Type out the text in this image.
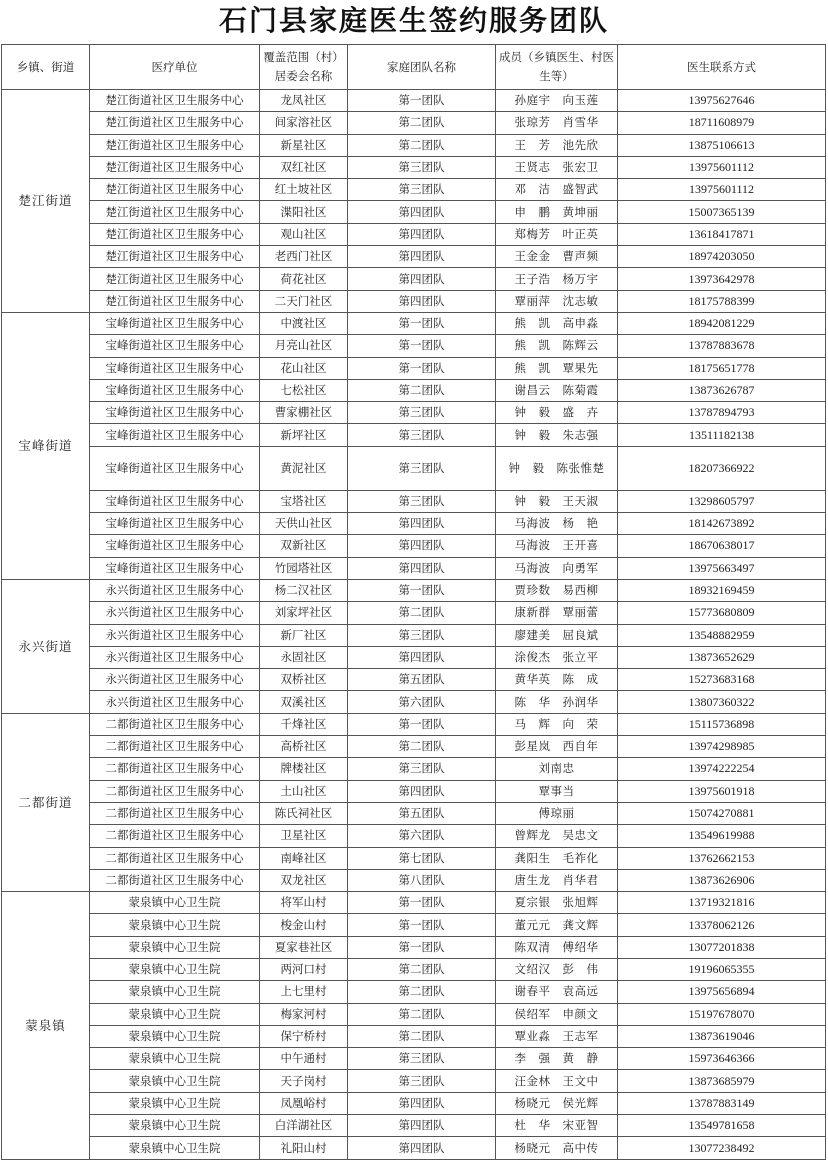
石门县家庭医生签约服务团队
乡镇、街道	医疗单位	覆盖范围（村）居委会名称	家庭团队名称	成员（乡镇医生、村医生等）	医生联系方式
楚江街道	楚江街道社区卫生服务中心	龙凤社区	第一团队	孙庭宇　向玉莲	13975627646
	楚江街道社区卫生服务中心	间家溶社区	第二团队	张琼芳　肖雪华	18711608979
	楚江街道社区卫生服务中心	新星社区	第二团队	王　芳　池先欣	13875106613
	楚江街道社区卫生服务中心	双红社区	第三团队	王贤志　张宏卫	13975601112
	楚江街道社区卫生服务中心	红土坡社区	第三团队	邓　洁　盛智武	13975601112
	楚江街道社区卫生服务中心	渫阳社区	第四团队	申　鹏　黄坤丽	15007365139
	楚江街道社区卫生服务中心	观山社区	第四团队	郑梅芳　叶正英	13618417871
	楚江街道社区卫生服务中心	老西门社区	第四团队	王金金　曹声频	18974203050
	楚江街道社区卫生服务中心	荷花社区	第四团队	王子浩　杨万宇	13973642978
	楚江街道社区卫生服务中心	二天门社区	第四团队	覃丽萍　沈志敏	18175788399
宝峰街道	宝峰街道社区卫生服务中心	中渡社区	第一团队	熊　凯　高申淼	18942081229
	宝峰街道社区卫生服务中心	月亮山社区	第一团队	熊　凯　陈辉云	13787883678
	宝峰街道社区卫生服务中心	花山社区	第一团队	熊　凯　覃果先	18175651778
	宝峰街道社区卫生服务中心	七松社区	第二团队	谢昌云　陈菊霞	13873626787
	宝峰街道社区卫生服务中心	曹家棚社区	第三团队	钟　毅　盛　卉	13787894793
	宝峰街道社区卫生服务中心	新坪社区	第三团队	钟　毅　朱志强	13511182138
	宝峰街道社区卫生服务中心	黄泥社区	第三团队	钟　毅　陈张惟楚	18207366922
	宝峰街道社区卫生服务中心	宝塔社区	第三团队	钟　毅　王天淑	13298605797
	宝峰街道社区卫生服务中心	天供山社区	第四团队	马海波　杨　艳	18142673892
	宝峰街道社区卫生服务中心	双新社区	第四团队	马海波　王开喜	18670638017
	宝峰街道社区卫生服务中心	竹园塔社区	第四团队	马海波　向勇军	13975663497
永兴街道	永兴街道社区卫生服务中心	杨二汉社区	第一团队	贾珍数　易西柳	18932169459
	永兴街道社区卫生服务中心	刘家坪社区	第二团队	康新群　覃丽蕾	15773680809
	永兴街道社区卫生服务中心	新厂社区	第三团队	廖建美　屈良斌	13548882959
	永兴街道社区卫生服务中心	永固社区	第四团队	涂俊杰　张立平	13873652629
	永兴街道社区卫生服务中心	双桥社区	第五团队	黄华英　陈　成	15273683168
	永兴街道社区卫生服务中心	双溪社区	第六团队	陈　华　孙润华	13807360322
二都街道	二都街道社区卫生服务中心	千烽社区	第一团队	马　辉　向　荣	15115736898
	二都街道社区卫生服务中心	高桥社区	第二团队	彭星岚　西自年	13974298985
	二都街道社区卫生服务中心	牌楼社区	第三团队	刘南忠	13974222254
	二都街道社区卫生服务中心	土山社区	第四团队	覃事当	13975601918
	二都街道社区卫生服务中心	陈氏祠社区	第五团队	傅琼丽	15074270881
	二都街道社区卫生服务中心	卫星社区	第六团队	曾辉龙　吴忠文	13549619988
	二都街道社区卫生服务中心	南峰社区	第七团队	龚阳生　毛祚化	13762662153
	二都街道社区卫生服务中心	双龙社区	第八团队	唐生龙　肖华君	13873626906
蒙泉镇	蒙泉镇中心卫生院	将军山村	第一团队	夏宗银　张旭辉	13719321816
	蒙泉镇中心卫生院	梭金山村	第一团队	董元元　龚文辉	13378062126
	蒙泉镇中心卫生院	夏家巷社区	第一团队	陈双清　傅绍华	13077201838
	蒙泉镇中心卫生院	两河口村	第二团队	文绍汉　彭　伟	19196065355
	蒙泉镇中心卫生院	上七里村	第二团队	谢春平　袁高远	13975656894
	蒙泉镇中心卫生院	梅家河村	第二团队	侯绍军　申颜文	15197678070
	蒙泉镇中心卫生院	保宁桥村	第二团队	覃业淼　王志军	13873619046
	蒙泉镇中心卫生院	中午通村	第三团队	李　强　黄　静	15973646366
	蒙泉镇中心卫生院	天子岗村	第三团队	汪金林　王文中	13873685979
	蒙泉镇中心卫生院	凤凰峪村	第四团队	杨晓元　侯光辉	13787883149
	蒙泉镇中心卫生院	白洋湖社区	第四团队	杜　华　宋亚智	13549781658
	蒙泉镇中心卫生院	礼阳山村	第四团队	杨晓元　高中传	13077238492
